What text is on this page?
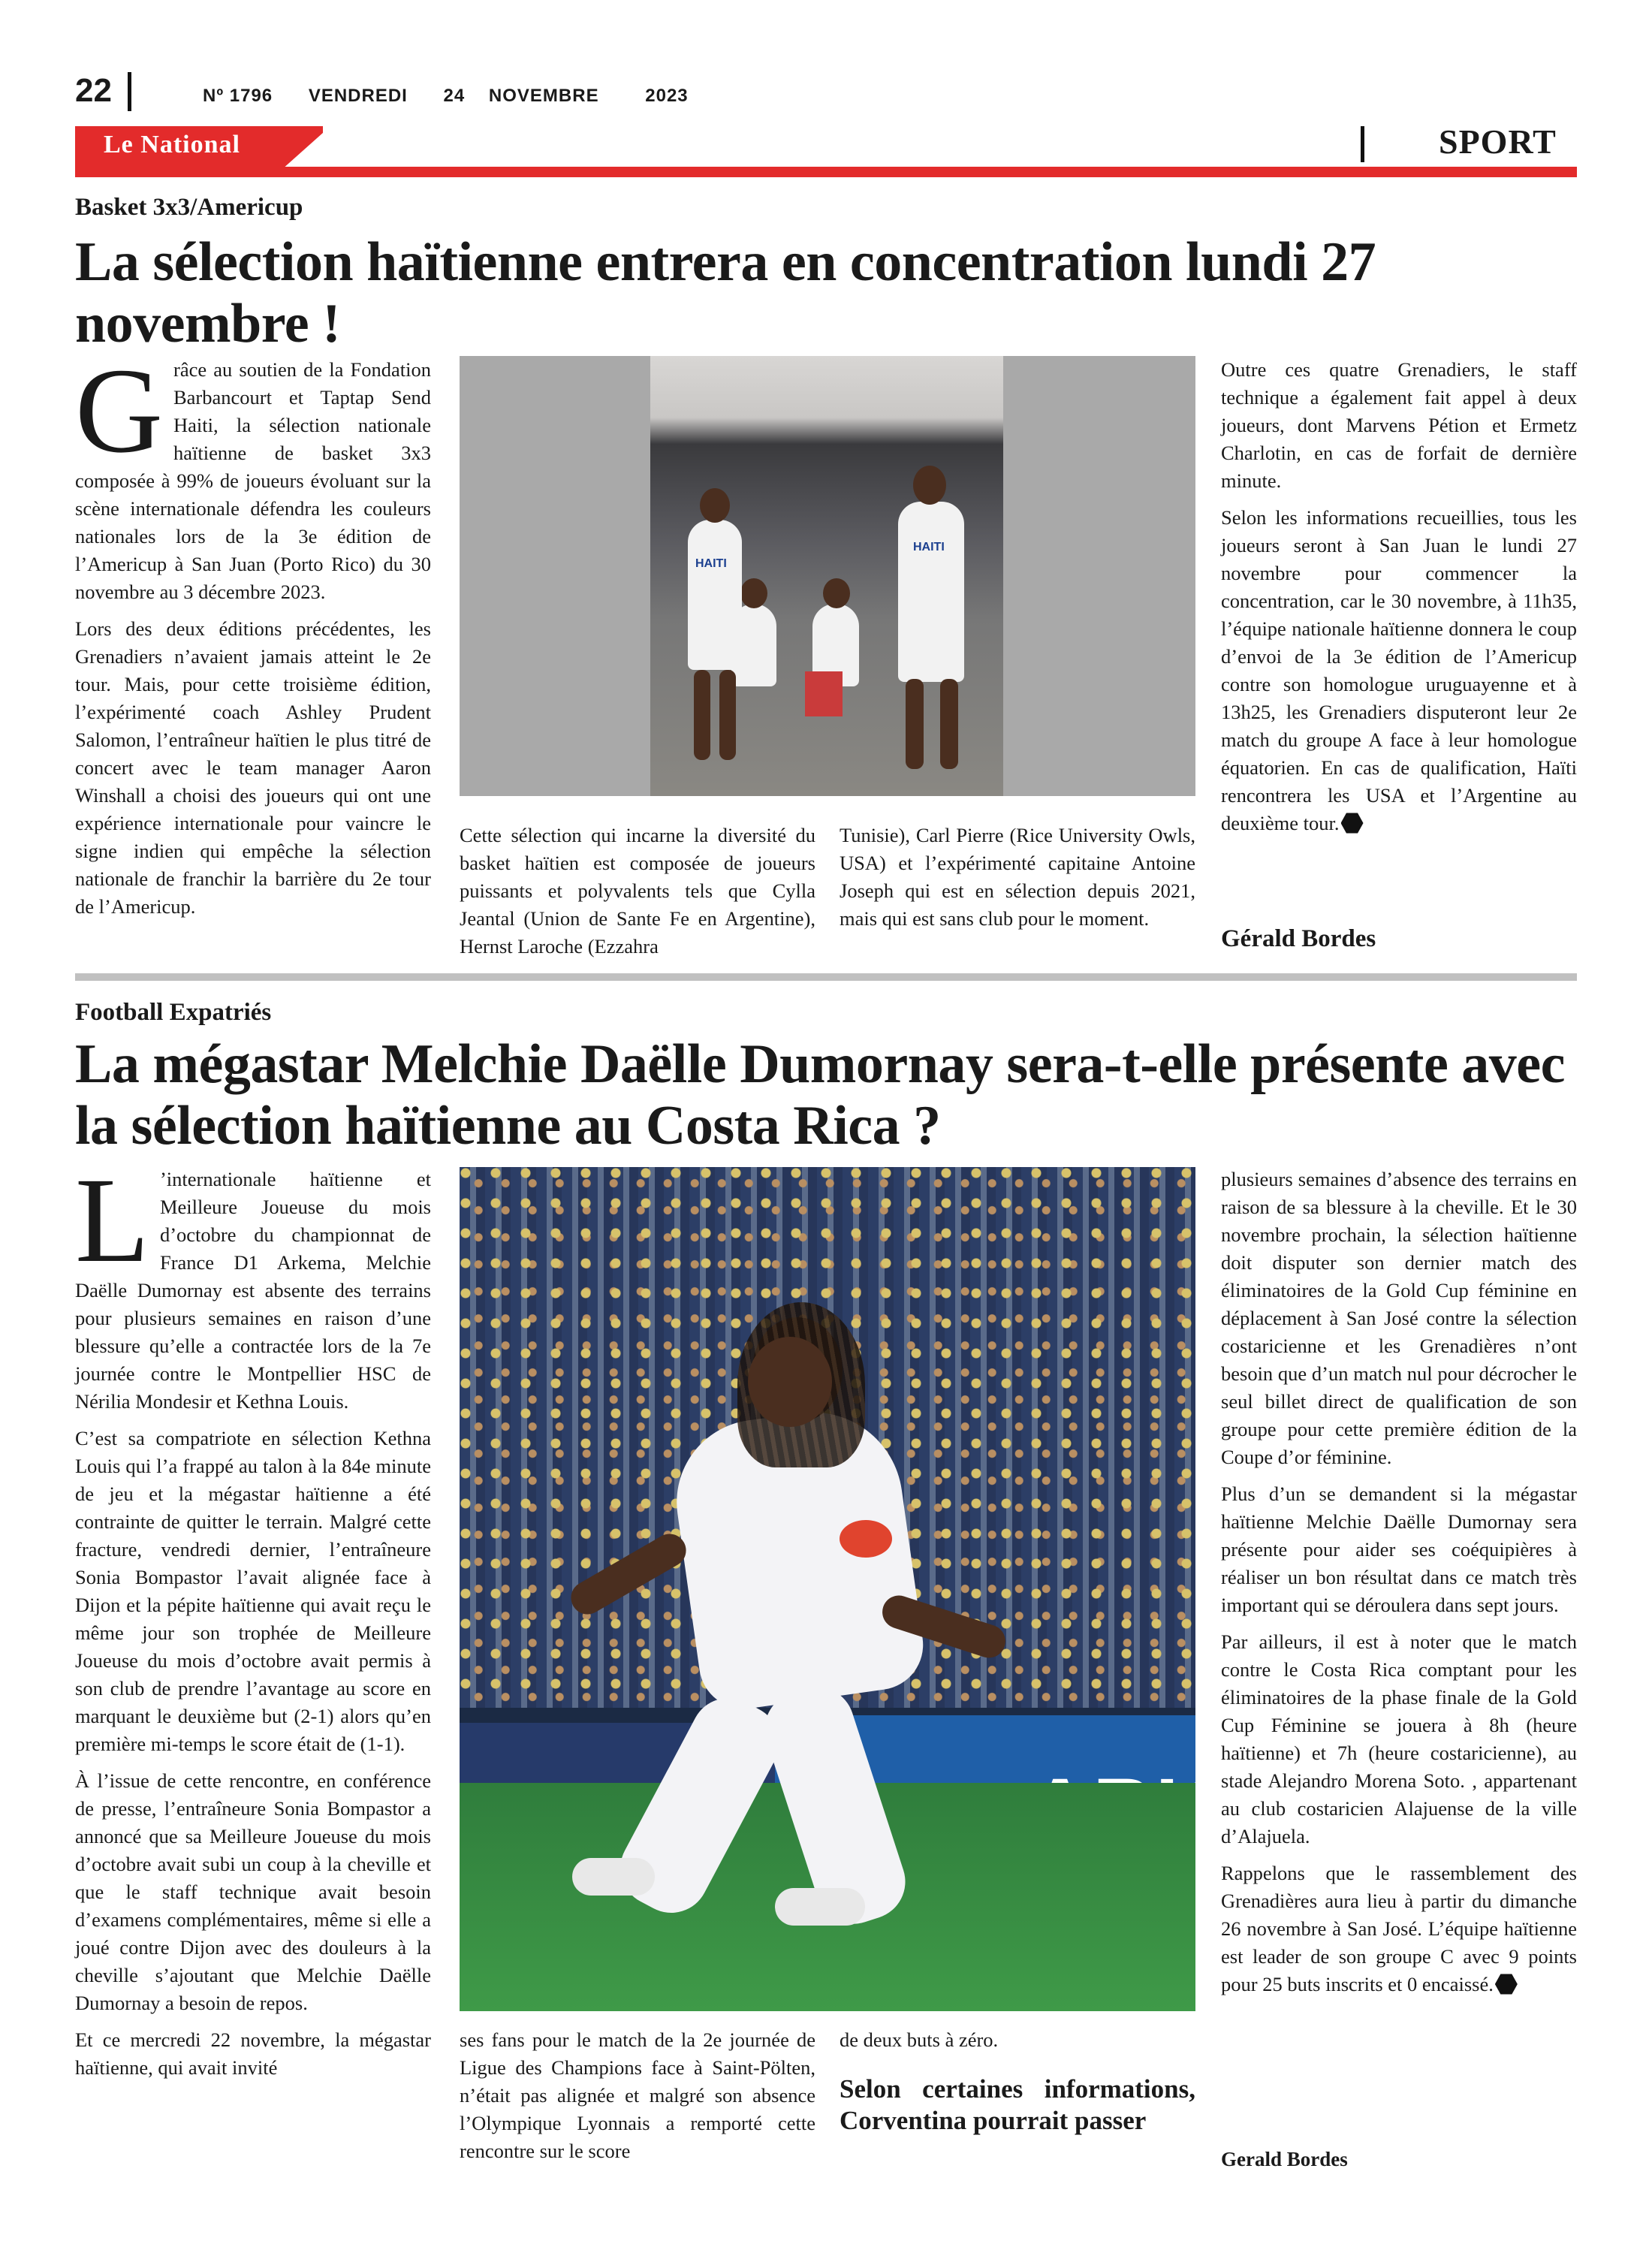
22	Nº 1796 VENDREDI 24 NOVEMBRE	2023
Le National	SPORT
Basket 3x3/Americup
La sélection haïtienne entrera en concentration lundi 27 novembre !

Grâce au soutien de la Fondation Barbancourt et Taptap Send Haiti, la sélection nationale haïtienne de basket 3x3 composée à 99% de joueurs évoluant sur la scène internationale défendra les couleurs nationales lors de la 3e édition de l’Americup à San Juan (Porto Rico) du 30 novembre au 3 décembre 2023.

Lors des deux éditions précédentes, les Grenadiers n’avaient jamais atteint le 2e tour. Mais, pour cette troisième édition, l’expérimenté coach Ashley Prudent Salomon, l’entraîneur haïtien le plus titré de concert avec le team manager Aaron Winshall a choisi des joueurs qui ont une expérience internationale pour vaincre le signe indien qui empêche la sélection nationale de franchir la barrière du 2e tour de l’Americup.

HAITI
HAITI

Cette sélection qui incarne la diversité du basket haïtien est composée de joueurs puissants et polyvalents tels que Cylla Jeantal (Union de Sante Fe en Argentine), Hernst Laroche (Ezzahra

Tunisie), Carl Pierre (Rice University Owls, USA) et l’expérimenté capitaine Antoine Joseph qui est en sélection depuis 2021, mais qui est sans club pour le moment.

Outre ces quatre Grenadiers, le staff technique a également fait appel à deux joueurs, dont Marvens Pétion et Ermetz Charlotin, en cas de forfait de dernière minute.

Selon les informations recueillies, tous les joueurs seront à San Juan le lundi 27 novembre pour commencer la concentration, car le 30 novembre, à 11h35, l’équipe nationale haïtienne donnera le coup d’envoi de la 3e édition de l’Americup contre son homologue uruguayenne et à 13h25, les Grenadiers disputeront leur 2e match du groupe A face à leur homologue équatorien. En cas de qualification, Haïti rencontrera les USA et l’Argentine au deuxième tour.

Gérald Bordes
Football Expatriés
La mégastar Melchie Daëlle Dumornay sera-t-elle présente avec la sélection haïtienne au Costa Rica ?

L ’internationale haïtienne et Meilleure Joueuse du mois d’octobre du championnat de France D1 Arkema, Melchie Daëlle Dumornay est absente des terrains pour plusieurs semaines en raison d’une blessure qu’elle a contractée lors de la 7e journée contre le Montpellier HSC de Nérilia Mondesir et Kethna Louis.

C’est sa compatriote en sélection Kethna Louis qui l’a frappé au talon à la 84e minute de jeu et la mégastar haïtienne a été contrainte de quitter le terrain. Malgré cette fracture, vendredi dernier, l’entraîneure Sonia Bompastor l’avait alignée face à Dijon et la pépite haïtienne qui avait reçu le même jour son trophée de Meilleure Joueuse du mois d’octobre avait permis à son club de prendre l’avantage au score en marquant le deuxième but (2-1) alors qu’en première mi-temps le score était de (1-1).

À l’issue de cette rencontre, en conférence de presse, l’entraîneure Sonia Bompastor a annoncé que sa Meilleure Joueuse du mois d’octobre avait subi un coup à la cheville et que le staff technique avait besoin d’examens complémentaires, même si elle a joué contre Dijon avec des douleurs à la cheville s’ajoutant que Melchie Daëlle Dumornay a besoin de repos.

Et ce mercredi 22 novembre, la mégastar haïtienne, qui avait invité

ses fans pour le match de la 2e journée de Ligue des Champions face à Saint-Pölten, n’était pas alignée et malgré son absence l’Olympique Lyonnais a remporté cette rencontre sur le score

de deux buts à zéro.

Selon certaines informations, Corventina pourrait passer

plusieurs semaines d’absence des terrains en raison de sa blessure à la cheville. Et le 30 novembre prochain, la sélection haïtienne doit disputer son dernier match des éliminatoires de la Gold Cup féminine en déplacement à San José contre la sélection costaricienne et les Grenadières n’ont besoin que d’un match nul pour décrocher le seul billet direct de qualification de son groupe pour cette première édition de la Coupe d’or féminine.

Plus d’un se demandent si la mégastar haïtienne Melchie Daëlle Dumornay sera présente pour aider ses coéquipières à réaliser un bon résultat dans ce match très important qui se déroulera dans sept jours.

Par ailleurs, il est à noter que le match contre le Costa Rica comptant pour les éliminatoires de la phase finale de la Gold Cup Féminine se jouera à 8h (heure haïtienne) et 7h (heure costaricienne), au stade Alejandro Morena Soto. , appartenant au club costaricien Alajuense de la ville d’Alajuela.

Rappelons que le rassemblement des Grenadières aura lieu à partir du dimanche 26 novembre à San José. L’équipe haïtienne est leader de son groupe C avec 9 points pour 25 buts inscrits et 0 encaissé.

Gerald Bordes
